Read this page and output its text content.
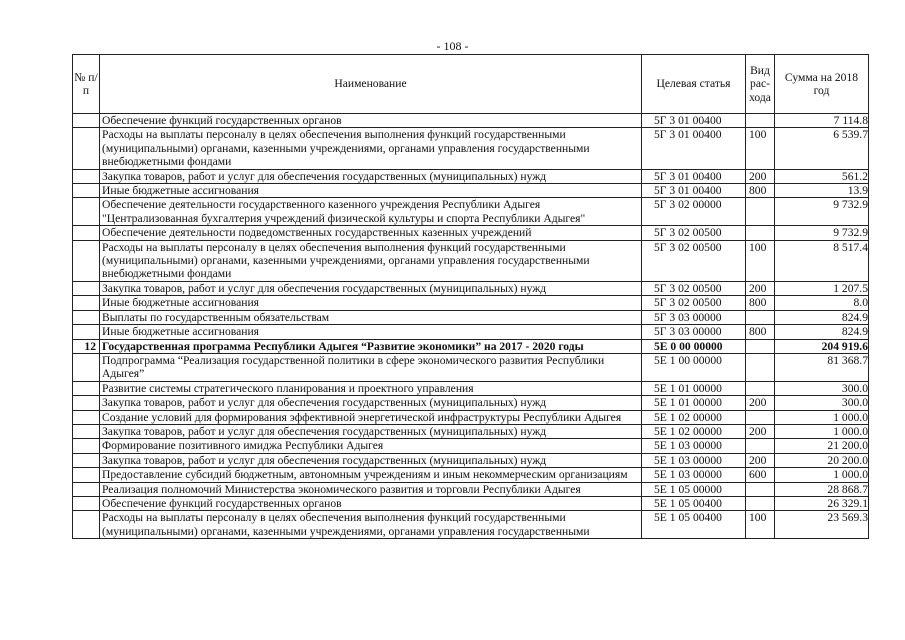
- 108 -
№ п/п	Наименование	Целевая статья	Вид рас-хода	Сумма на 2018 год
	Обеспечение функций государственных органов	5Г 3 01 00400		7 114.8
	Расходы на выплаты персоналу в целях обеспечения выполнения функций государственными (муниципальными) органами, казенными учреждениями, органами управления государственными внебюджетными фондами	5Г 3 01 00400	100	6 539.7
	Закупка товаров, работ и услуг для обеспечения государственных (муниципальных) нужд	5Г 3 01 00400	200	561.2
	Иные бюджетные ассигнования	5Г 3 01 00400	800	13.9
	Обеспечение деятельности государственного казенного учреждения Республики Адыгея "Централизованная бухгалтерия учреждений физической культуры и спорта Республики Адыгея"	5Г 3 02 00000		9 732.9
	Обеспечение деятельности подведомственных государственных казенных учреждений	5Г 3 02 00500		9 732.9
	Расходы на выплаты персоналу в целях обеспечения выполнения функций государственными (муниципальными) органами, казенными учреждениями, органами управления государственными внебюджетными фондами	5Г 3 02 00500	100	8 517.4
	Закупка товаров, работ и услуг для обеспечения государственных (муниципальных) нужд	5Г 3 02 00500	200	1 207.5
	Иные бюджетные ассигнования	5Г 3 02 00500	800	8.0
	Выплаты по государственным обязательствам	5Г 3 03 00000		824.9
	Иные бюджетные ассигнования	5Г 3 03 00000	800	824.9
12	Государственная программа Республики Адыгея “Развитие экономики” на 2017 - 2020 годы	5Е 0 00 00000		204 919.6
	Подпрограмма “Реализация государственной политики в сфере экономического развития Республики Адыгея”	5Е 1 00 00000		81 368.7
	Развитие системы стратегического планирования и проектного управления	5Е 1 01 00000		300.0
	Закупка товаров, работ и услуг для обеспечения государственных (муниципальных) нужд	5Е 1 01 00000	200	300.0
	Создание условий для формирования эффективной энергетической инфраструктуры Республики Адыгея	5Е 1 02 00000		1 000.0
	Закупка товаров, работ и услуг для обеспечения государственных (муниципальных) нужд	5Е 1 02 00000	200	1 000.0
	Формирование позитивного имиджа Республики Адыгея	5Е 1 03 00000		21 200.0
	Закупка товаров, работ и услуг для обеспечения государственных (муниципальных) нужд	5Е 1 03 00000	200	20 200.0
	Предоставление субсидий бюджетным, автономным учреждениям и иным некоммерческим организациям	5Е 1 03 00000	600	1 000.0
	Реализация полномочий Министерства экономического развития и торговли Республики Адыгея	5Е 1 05 00000		28 868.7
	Обеспечение функций государственных органов	5Е 1 05 00400		26 329.1
	Расходы на выплаты персоналу в целях обеспечения выполнения функций государственными (муниципальными) органами, казенными учреждениями, органами управления государственными	5Е 1 05 00400	100	23 569.3
